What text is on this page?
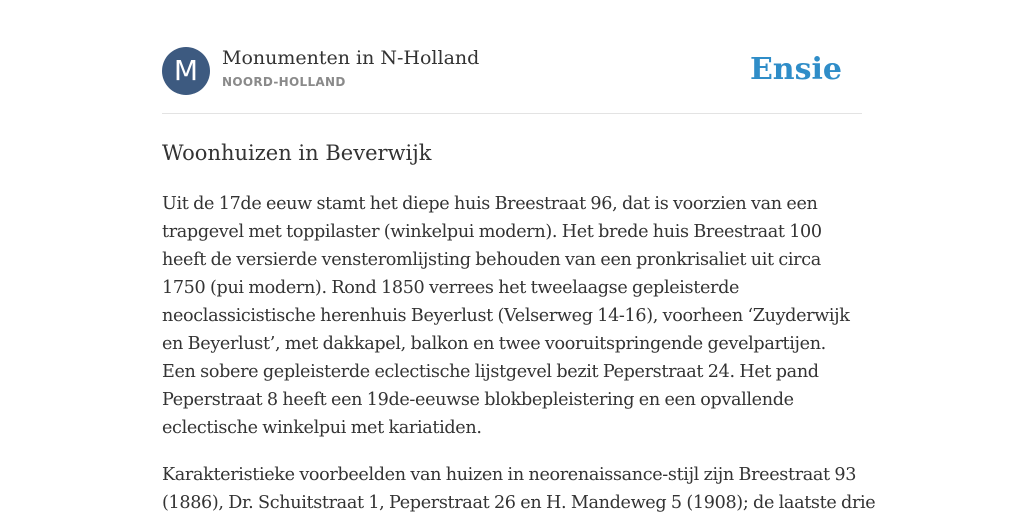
M	Monumenten in N-Holland
NOORD-HOLLAND	Ensie
Woonhuizen in Beverwijk

Uit de 17de eeuw stamt het diepe huis Breestraat 96, dat is voorzien van een
trapgevel met toppilaster (winkelpui modern). Het brede huis Breestraat 100
heeft de versierde vensteromlijsting behouden van een pronkrisaliet uit circa
1750 (pui modern). Rond 1850 verrees het tweelaagse gepleisterde
neoclassicistische herenhuis Beyerlust (Velserweg 14-16), voorheen ‘Zuyderwijk
en Beyerlust’, met dakkapel, balkon en twee vooruitspringende gevelpartijen.
Een sobere gepleisterde eclectische lijstgevel bezit Peperstraat 24. Het pand
Peperstraat 8 heeft een 19de-eeuwse blokbepleistering en een opvallende
eclectische winkelpui met kariatiden.

Karakteristieke voorbeelden van huizen in neorenaissance-stijl zijn Breestraat 93
(1886), Dr. Schuitstraat 1, Peperstraat 26 en H. Mandeweg 5 (1908); de laatste drie
